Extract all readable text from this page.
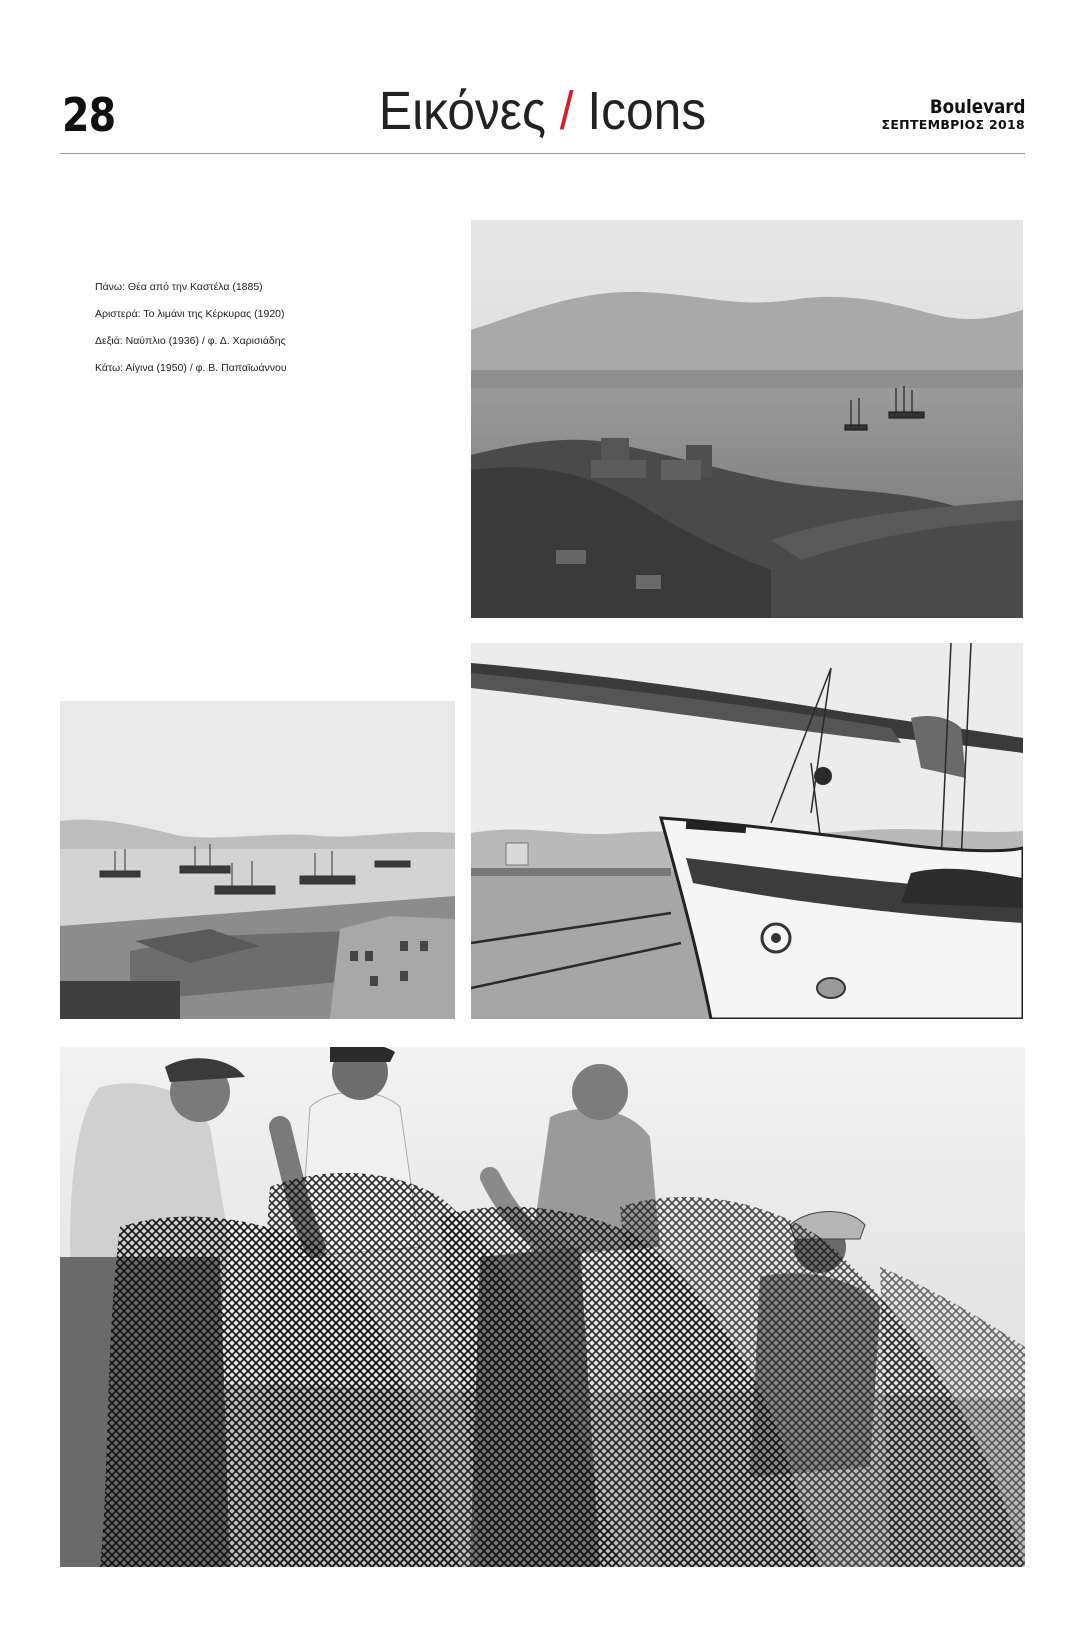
28	Εικόνες / Icons	Boulevard
ΣΕΠΤΕΜΒΡΙΟΣ 2018

Πάνω: Θέα από την Καστέλα (1885)

Αριστερά: Το λιμάνι της Κέρκυρας (1920)

Δεξιά: Ναύπλιο (1936) / φ. Δ. Χαρισιάδης

Κάτω: Αίγινα (1950) / φ. Β. Παπαϊωάννου
